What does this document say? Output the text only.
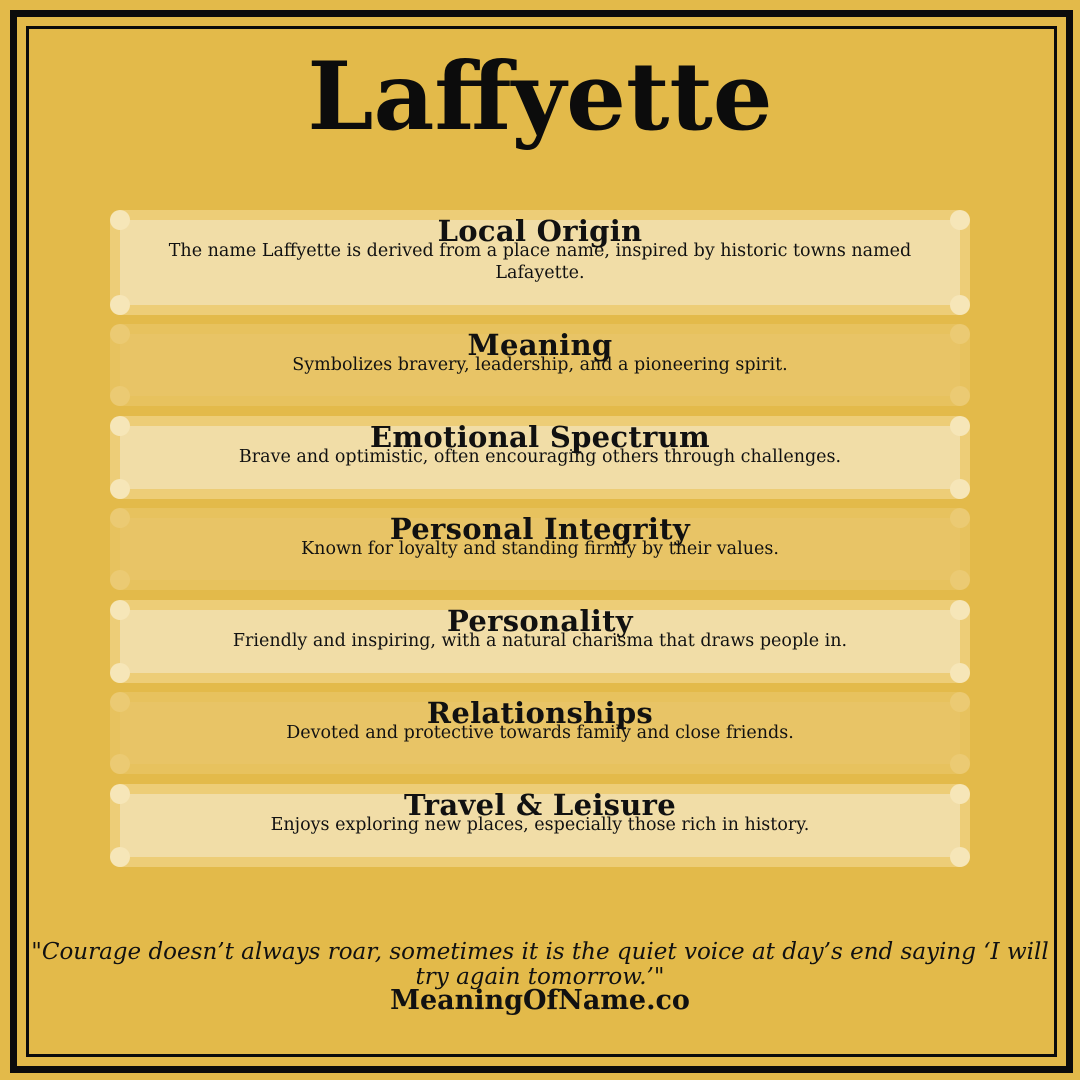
Laffyette
Local Origin
The name Laffyette is derived from a place name, inspired by historic towns named Lafayette.
Meaning
Symbolizes bravery, leadership, and a pioneering spirit.
Emotional Spectrum
Brave and optimistic, often encouraging others through challenges.
Personal Integrity
Known for loyalty and standing firmly by their values.
Personality
Friendly and inspiring, with a natural charisma that draws people in.
Relationships
Devoted and protective towards family and close friends.
Travel & Leisure
Enjoys exploring new places, especially those rich in history.
"Courage doesn’t always roar, sometimes it is the quiet voice at day’s end saying ‘I will try again tomorrow.’"
MeaningOfName.co
